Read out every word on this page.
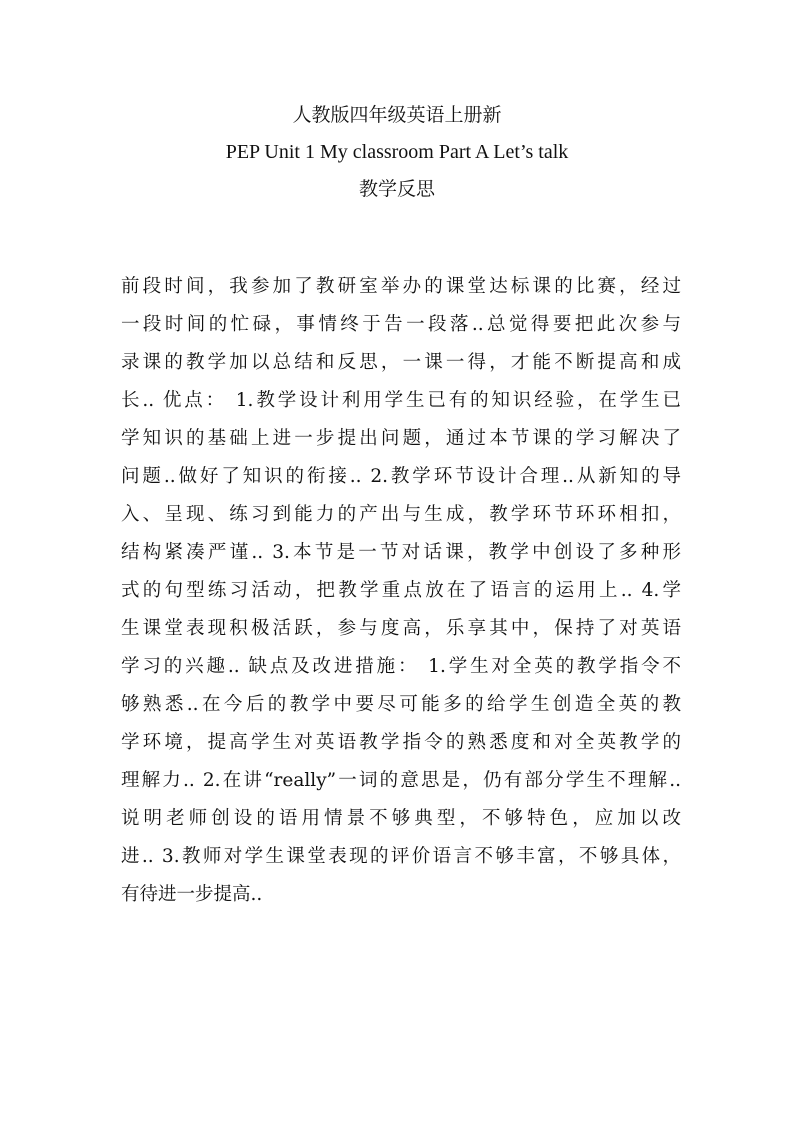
人教版四年级英语上册新
PEP Unit 1 My classroom Part A Let’s talk
教学反思
前段时间，我参加了教研室举办的课堂达标课的比赛，经过
一段时间的忙碌，事情终于告一段落..总觉得要把此次参与
录课的教学加以总结和反思，一课一得，才能不断提高和成
长.. 优点： 1.教学设计利用学生已有的知识经验，在学生已
学知识的基础上进一步提出问题，通过本节课的学习解决了
问题..做好了知识的衔接.. 2.教学环节设计合理..从新知的导
入、呈现、练习到能力的产出与生成，教学环节环环相扣，
结构紧凑严谨.. 3.本节是一节对话课，教学中创设了多种形
式的句型练习活动，把教学重点放在了语言的运用上.. 4.学
生课堂表现积极活跃，参与度高，乐享其中，保持了对英语
学习的兴趣.. 缺点及改进措施： 1.学生对全英的教学指令不
够熟悉..在今后的教学中要尽可能多的给学生创造全英的教
学环境，提高学生对英语教学指令的熟悉度和对全英教学的
理解力.. 2.在讲“really”一词的意思是，仍有部分学生不理解..
说明老师创设的语用情景不够典型，不够特色，应加以改
进.. 3.教师对学生课堂表现的评价语言不够丰富，不够具体，
有待进一步提高..
